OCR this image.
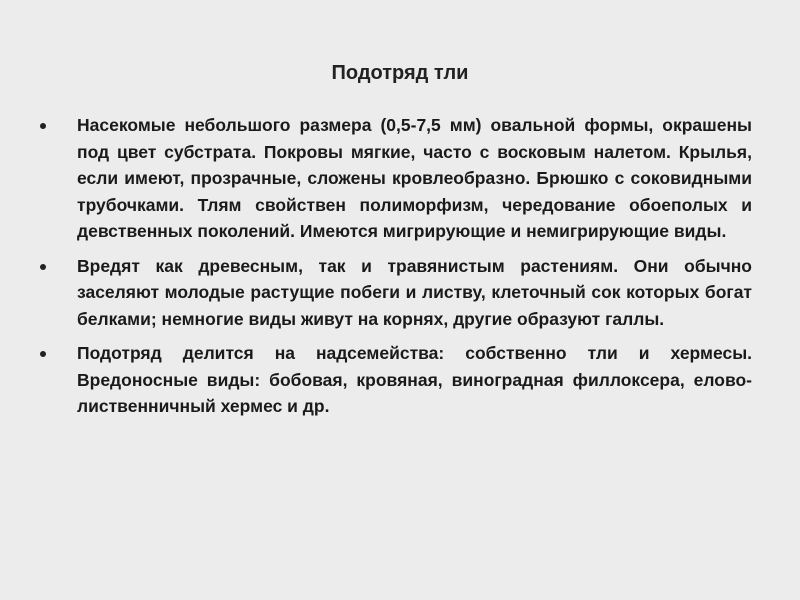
Подотряд тли
Насекомые небольшого размера (0,5-7,5 мм) овальной формы, окрашены под цвет субстрата. Покровы мягкие, часто с восковым налетом. Крылья, если имеют, прозрачные, сложены кровлеобразно. Брюшко с соковидными трубочками. Тлям свойствен полиморфизм, чередование обоеполых и девственных поколений. Имеются мигрирующие и немигрирующие виды.
Вредят как древесным, так и травянистым растениям. Они обычно заселяют молодые растущие побеги и листву, клеточный сок которых богат белками; немногие виды живут на корнях, другие образуют галлы.
Подотряд делится на надсемейства: собственно тли и хермесы. Вредоносные виды: бобовая, кровяная, виноградная филлоксера, елово-лиственничный хермес и др.
